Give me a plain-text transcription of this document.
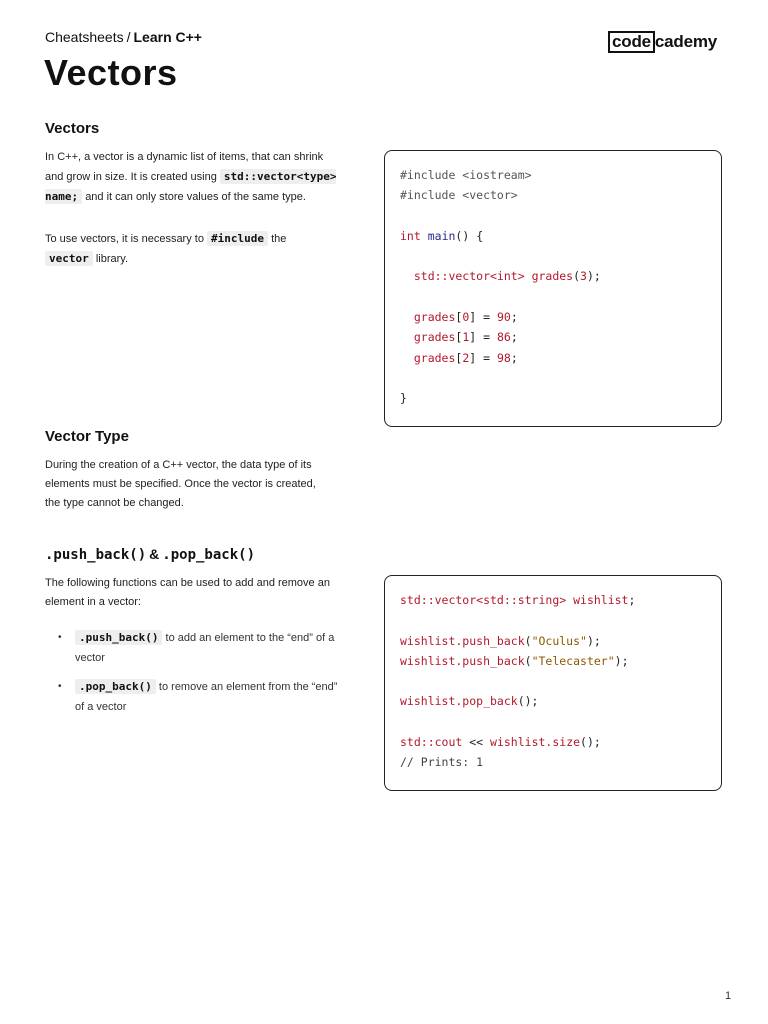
Cheatsheets / Learn C++	code cademy
Vectors
Vectors

In C++, a vector is a dynamic list of items, that can shrink and grow in size. It is created using std::vector<type> name; and it can only store values of the same type.

To use vectors, it is necessary to #include the
vector library.

#include <iostream>
#include <vector>
int main() {
std::vector<int> grades(3);
grades[0] = 90;
grades[1] = 86;
grades[2] = 98;
}
Vector Type

During the creation of a C++ vector, the data type of its elements must be specified. Once the vector is created, the type cannot be changed.

.push_back() & .pop_back()

The following functions can be used to add and remove an element in a vector:

• .push_back() to add an element to the “end” of a vector
• .pop_back() to remove an element from the “end” of a vector
std::vector<std::string> wishlist;
wishlist.push_back("Oculus");
wishlist.push_back("Telecaster");
wishlist.pop_back();
std::cout << wishlist.size();
// Prints: 1
1
